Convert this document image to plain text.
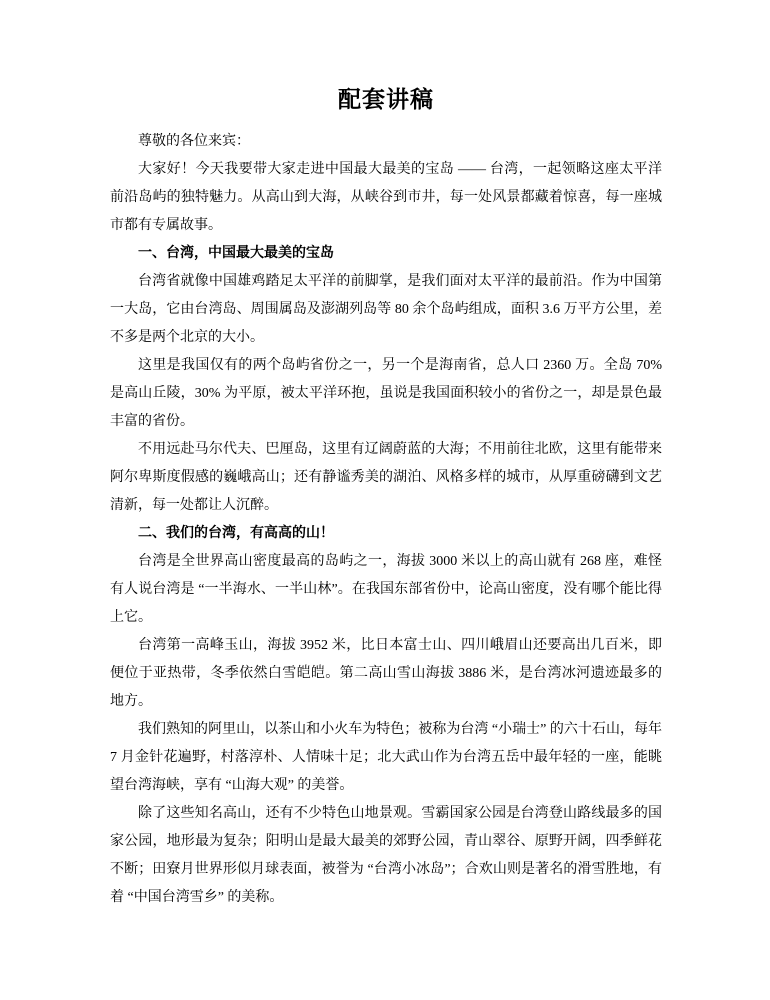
配套讲稿

尊敬的各位来宾：

大家好！今天我要带大家走进中国最大最美的宝岛 —— 台湾，一起领略这座太平洋前沿岛屿的独特魅力。从高山到大海，从峡谷到市井，每一处风景都藏着惊喜，每一座城市都有专属故事。

一、台湾，中国最大最美的宝岛

台湾省就像中国雄鸡踏足太平洋的前脚掌，是我们面对太平洋的最前沿。作为中国第一大岛，它由台湾岛、周围属岛及澎湖列岛等 80 余个岛屿组成，面积 3.6 万平方公里，差不多是两个北京的大小。

这里是我国仅有的两个岛屿省份之一，另一个是海南省，总人口 2360 万。全岛 70%是高山丘陵，30% 为平原，被太平洋环抱，虽说是我国面积较小的省份之一，却是景色最丰富的省份。

不用远赴马尔代夫、巴厘岛，这里有辽阔蔚蓝的大海；不用前往北欧，这里有能带来阿尔卑斯度假感的巍峨高山；还有静谧秀美的湖泊、风格多样的城市，从厚重磅礴到文艺清新，每一处都让人沉醉。

二、我们的台湾，有高高的山！

台湾是全世界高山密度最高的岛屿之一，海拔 3000 米以上的高山就有 268 座，难怪有人说台湾是 “一半海水、一半山林”。在我国东部省份中，论高山密度，没有哪个能比得上它。

台湾第一高峰玉山，海拔 3952 米，比日本富士山、四川峨眉山还要高出几百米，即便位于亚热带，冬季依然白雪皑皑。第二高山雪山海拔 3886 米，是台湾冰河遗迹最多的地方。

我们熟知的阿里山，以茶山和小火车为特色；被称为台湾 “小瑞士” 的六十石山，每年 7 月金针花遍野，村落淳朴、人情味十足；北大武山作为台湾五岳中最年轻的一座，能眺望台湾海峡，享有 “山海大观” 的美誉。

除了这些知名高山，还有不少特色山地景观。雪霸国家公园是台湾登山路线最多的国家公园，地形最为复杂；阳明山是最大最美的郊野公园，青山翠谷、原野开阔，四季鲜花不断；田寮月世界形似月球表面，被誉为 “台湾小冰岛”；合欢山则是著名的滑雪胜地，有着 “中国台湾雪乡” 的美称。
